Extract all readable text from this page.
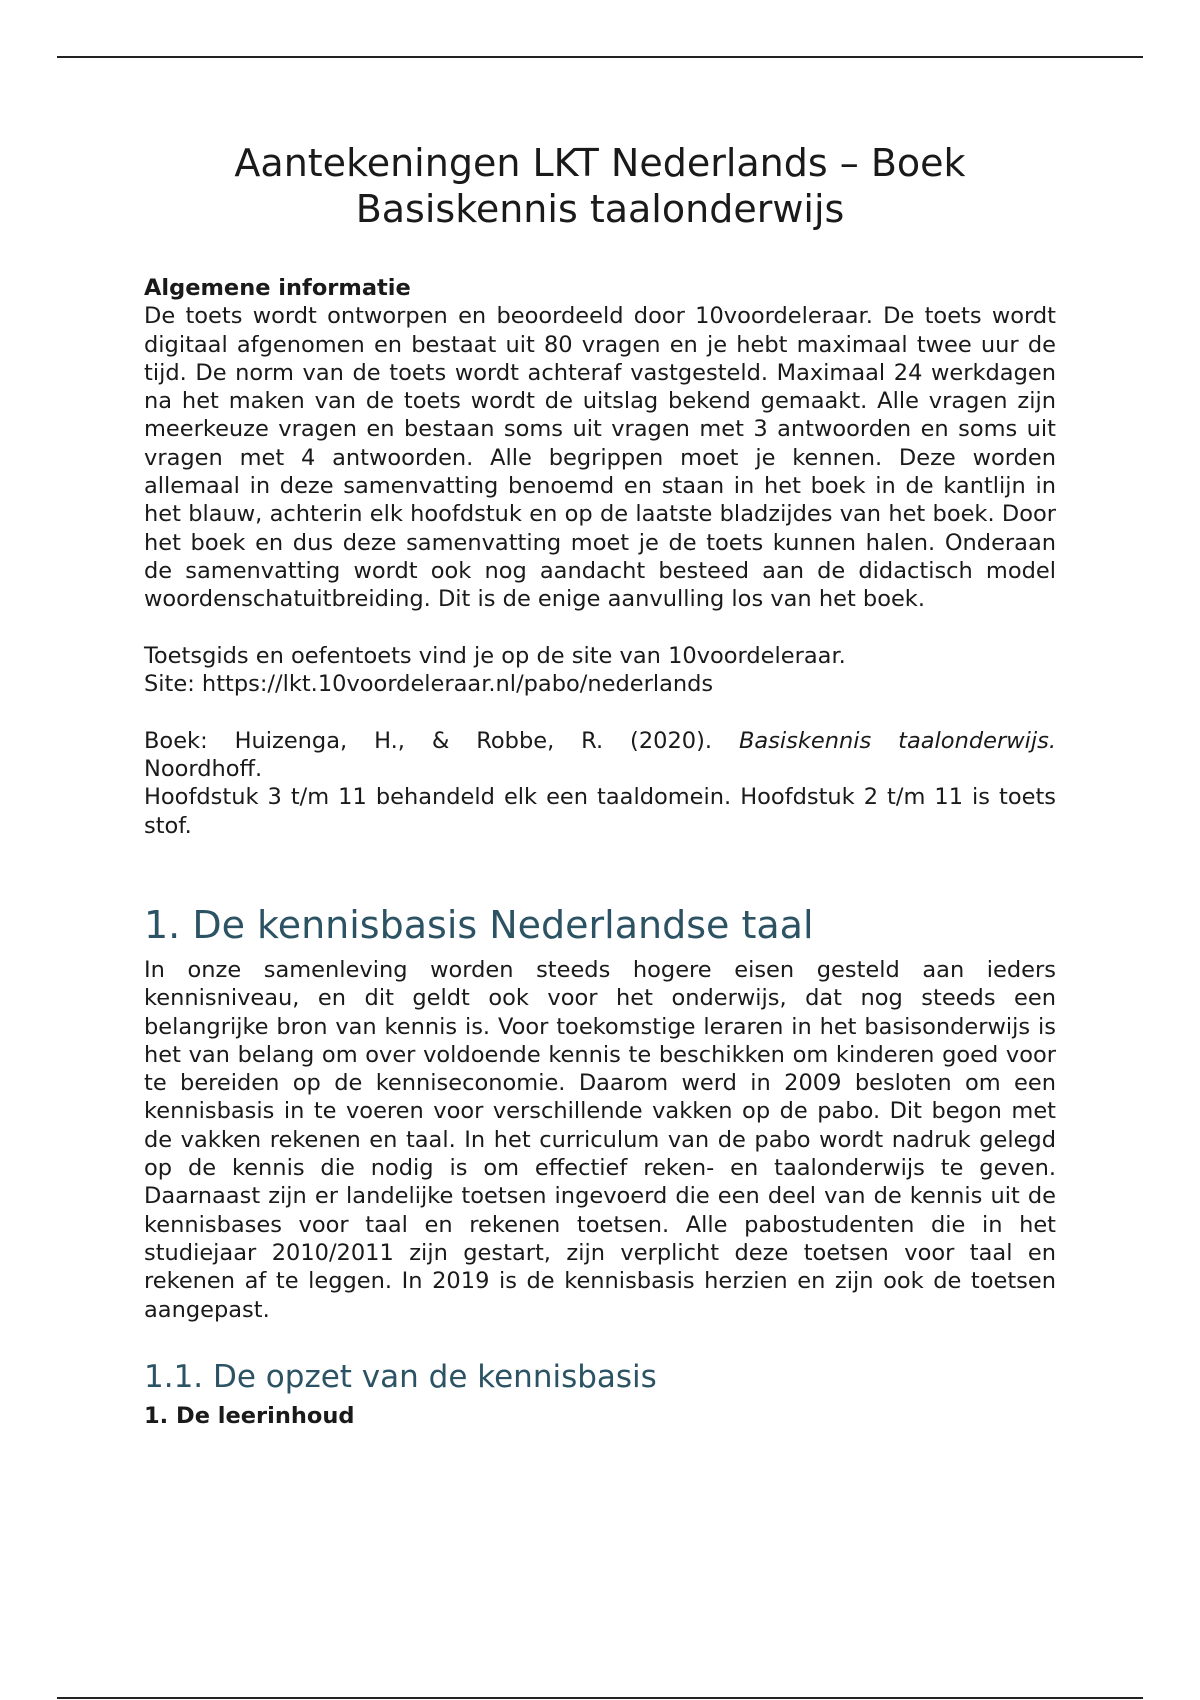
Aantekeningen LKT Nederlands – Boek Basiskennis taalonderwijs

Algemene informatie

De toets wordt ontworpen en beoordeeld door 10voordeleraar. De toets wordt digitaal afgenomen en bestaat uit 80 vragen en je hebt maximaal twee uur de tijd. De norm van de toets wordt achteraf vastgesteld. Maximaal 24 werkdagen na het maken van de toets wordt de uitslag bekend gemaakt. Alle vragen zijn meerkeuze vragen en bestaan soms uit vragen met 3 antwoorden en soms uit vragen met 4 antwoorden. Alle begrippen moet je kennen. Deze worden allemaal in deze samenvatting benoemd en staan in het boek in de kantlijn in het blauw, achterin elk hoofdstuk en op de laatste bladzijdes van het boek. Door het boek en dus deze samenvatting moet je de toets kunnen halen. Onderaan de samenvatting wordt ook nog aandacht besteed aan de didactisch model woordenschatuitbreiding. Dit is de enige aanvulling los van het boek.

Toetsgids en oefentoets vind je op de site van 10voordeleraar.

Site: https://lkt.10voordeleraar.nl/pabo/nederlands

Boek: Huizenga, H., & Robbe, R. (2020). Basiskennis taalonderwijs.

Noordhoff.

Hoofdstuk 3 t/m 11 behandeld elk een taaldomein. Hoofdstuk 2 t/m 11 is toets stof.

1. De kennisbasis Nederlandse taal

In onze samenleving worden steeds hogere eisen gesteld aan ieders kennisniveau, en dit geldt ook voor het onderwijs, dat nog steeds een belangrijke bron van kennis is. Voor toekomstige leraren in het basisonderwijs is het van belang om over voldoende kennis te beschikken om kinderen goed voor te bereiden op de kenniseconomie. Daarom werd in 2009 besloten om een kennisbasis in te voeren voor verschillende vakken op de pabo. Dit begon met de vakken rekenen en taal. In het curriculum van de pabo wordt nadruk gelegd op de kennis die nodig is om effectief reken- en taalonderwijs te geven. Daarnaast zijn er landelijke toetsen ingevoerd die een deel van de kennis uit de kennisbases voor taal en rekenen toetsen. Alle pabostudenten die in het studiejaar 2010/2011 zijn gestart, zijn verplicht deze toetsen voor taal en rekenen af te leggen. In 2019 is de kennisbasis herzien en zijn ook de toetsen aangepast.

1.1. De opzet van de kennisbasis

1. De leerinhoud
